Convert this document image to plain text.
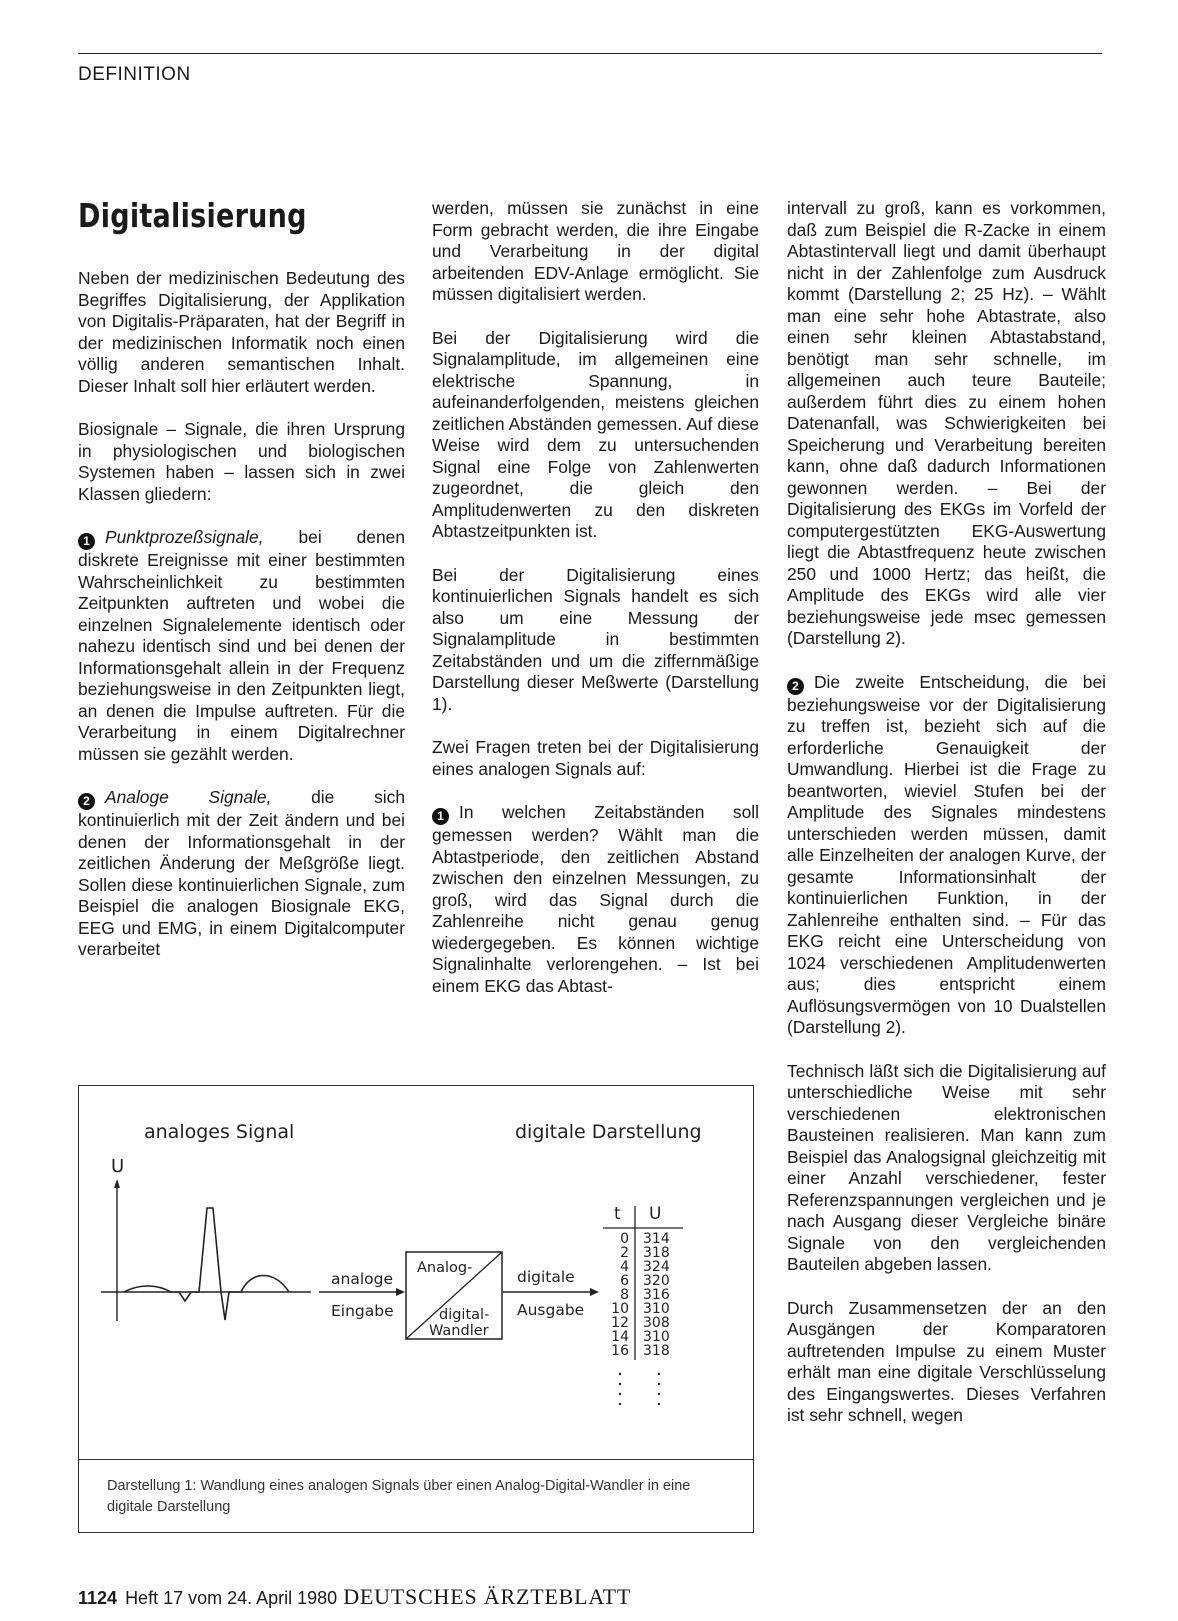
DEFINITION
Digitalisierung

Neben der medizinischen Bedeutung des Begriffes Digitalisierung, der Applikation von Digitalis-Präparaten, hat der Begriff in der medizinischen Informatik noch einen völlig anderen semantischen Inhalt. Dieser Inhalt soll hier erläutert werden.

Biosignale – Signale, die ihren Ursprung in physiologischen und biologischen Systemen haben – lassen sich in zwei Klassen gliedern:

1 Punktprozeßsignale, bei denen diskrete Ereignisse mit einer bestimmten Wahrscheinlichkeit zu bestimmten Zeitpunkten auftreten und wobei die einzelnen Signalelemente identisch oder nahezu identisch sind und bei denen der Informationsgehalt allein in der Frequenz beziehungsweise in den Zeitpunkten liegt, an denen die Impulse auftreten. Für die Verarbeitung in einem Digitalrechner müssen sie gezählt werden.

2 Analoge Signale, die sich kontinuierlich mit der Zeit ändern und bei denen der Informationsgehalt in der zeitlichen Änderung der Meßgröße liegt. Sollen diese kontinuierlichen Signale, zum Beispiel die analogen Biosignale EKG, EEG und EMG, in einem Digitalcomputer verarbeitet

werden, müssen sie zunächst in eine Form gebracht werden, die ihre Eingabe und Verarbeitung in der digital arbeitenden EDV-Anlage ermöglicht. Sie müssen digitalisiert werden.

Bei der Digitalisierung wird die Signalamplitude, im allgemeinen eine elektrische Spannung, in aufeinanderfolgenden, meistens gleichen zeitlichen Abständen gemessen. Auf diese Weise wird dem zu untersuchenden Signal eine Folge von Zahlenwerten zugeordnet, die gleich den Amplitudenwerten zu den diskreten Abtastzeitpunkten ist.

Bei der Digitalisierung eines kontinuierlichen Signals handelt es sich also um eine Messung der Signalamplitude in bestimmten Zeitabständen und um die ziffernmäßige Darstellung dieser Meßwerte (Darstellung 1).

Zwei Fragen treten bei der Digitalisierung eines analogen Signals auf:

1 In welchen Zeitabständen soll gemessen werden? Wählt man die Abtastperiode, den zeitlichen Abstand zwischen den einzelnen Messungen, zu groß, wird das Signal durch die Zahlenreihe nicht genau genug wiedergegeben. Es können wichtige Signalinhalte verlorengehen. – Ist bei einem EKG das Abtast-

intervall zu groß, kann es vorkommen, daß zum Beispiel die R-Zacke in einem Abtastintervall liegt und damit überhaupt nicht in der Zahlenfolge zum Ausdruck kommt (Darstellung 2; 25 Hz). – Wählt man eine sehr hohe Abtastrate, also einen sehr kleinen Abtastabstand, benötigt man sehr schnelle, im allgemeinen auch teure Bauteile; außerdem führt dies zu einem hohen Datenanfall, was Schwierigkeiten bei Speicherung und Verarbeitung bereiten kann, ohne daß dadurch Informationen gewonnen werden. – Bei der Digitalisierung des EKGs im Vorfeld der computergestützten EKG-Auswertung liegt die Abtastfrequenz heute zwischen 250 und 1000 Hertz; das heißt, die Amplitude des EKGs wird alle vier beziehungsweise jede msec gemessen (Darstellung 2).

2 Die zweite Entscheidung, die bei beziehungsweise vor der Digitalisierung zu treffen ist, bezieht sich auf die erforderliche Genauigkeit der Umwandlung. Hierbei ist die Frage zu beantworten, wieviel Stufen bei der Amplitude des Signales mindestens unterschieden werden müssen, damit alle Einzelheiten der analogen Kurve, der gesamte Informationsinhalt der kontinuierlichen Funktion, in der Zahlenreihe enthalten sind. – Für das EKG reicht eine Unterscheidung von 1024 verschiedenen Amplitudenwerten aus; dies entspricht einem Auflösungsvermögen von 10 Dualstellen (Darstellung 2).

Technisch läßt sich die Digitalisierung auf unterschiedliche Weise mit sehr verschiedenen elektronischen Bausteinen realisieren. Man kann zum Beispiel das Analogsignal gleichzeitig mit einer Anzahl verschiedener, fester Referenzspannungen vergleichen und je nach Ausgang dieser Vergleiche binäre Signale von den vergleichenden Bauteilen abgeben lassen.

Durch Zusammensetzen der an den Ausgängen der Komparatoren auftretenden Impulse zu einem Muster erhält man eine digitale Verschlüsselung des Eingangswertes. Dieses Verfahren ist sehr schnell, wegen

analoges Signal	digitale Darstellung
U
analoge
Eingabe
Analog-
digital-
Wandler
digitale
Ausgabe
t U
0 314
2 318
4 324
6 320
8 316
10 310
12 308
14 310
16 318
Darstellung 1: Wandlung eines analogen Signals über einen Analog-Digital-Wandler in eine digitale Darstellung
1124 Heft 17 vom 24. April 1980 DEUTSCHES ÄRZTEBLATT
